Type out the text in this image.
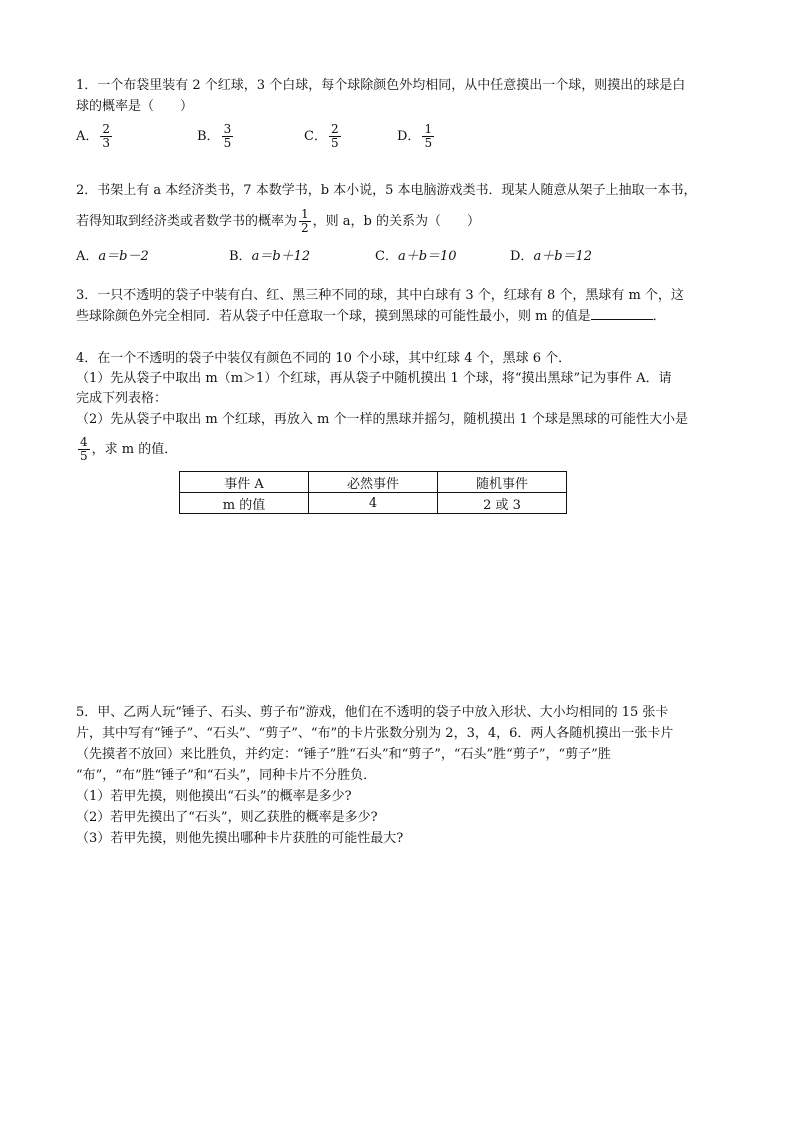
1．一个布袋里装有 2 个红球，3 个白球，每个球除颜色外均相同，从中任意摸出一个球，则摸出的球是白
球的概率是（　　）
A． $\frac{2}{3}$	B． $\frac{3}{5}$	C． $\frac{2}{5}$	D． $\frac{1}{5}$
2．书架上有 a 本经济类书，7 本数学书，b 本小说，5 本电脑游戏类书．现某人随意从架子上抽取一本书，
若得知取到经济类或者数学书的概率为 $\frac{1}{2}$ ，则 a，b 的关系为（　　）
A．a＝b－2	B．a＝b＋12	C．a＋b＝10	D．a＋b＝12
3．一只不透明的袋子中装有白、红、黑三种不同的球，其中白球有 3 个，红球有 8 个，黑球有 m 个，这
些球除颜色外完全相同．若从袋子中任意取一个球，摸到黑球的可能性最小，则 m 的值是	．
4．在一个不透明的袋子中装仅有颜色不同的 10 个小球，其中红球 4 个，黑球 6 个．
（1）先从袋子中取出 m（m＞1）个红球，再从袋子中随机摸出 1 个球，将“摸出黑球”记为事件 A．请
完成下列表格：
（2）先从袋子中取出 m 个红球，再放入 m 个一样的黑球并摇匀，随机摸出 1 个球是黑球的可能性大小是
$\frac{4}{5}$ ，求 m 的值．
事件 A	必然事件	随机事件
m 的值	4	2 或 3
5．甲、乙两人玩“锤子、石头、剪子布”游戏，他们在不透明的袋子中放入形状、大小均相同的 15 张卡
片，其中写有“锤子”、“石头”、“剪子”、“布”的卡片张数分别为 2，3，4，6．两人各随机摸出一张卡片
（先摸者不放回）来比胜负，并约定：“锤子”胜“石头”和“剪子”，“石头”胜“剪子”，“剪子”胜
“布”，“布”胜“锤子”和“石头”，同种卡片不分胜负．
（1）若甲先摸，则他摸出“石头”的概率是多少?
（2）若甲先摸出了“石头”，则乙获胜的概率是多少?
（3）若甲先摸，则他先摸出哪种卡片获胜的可能性最大?
